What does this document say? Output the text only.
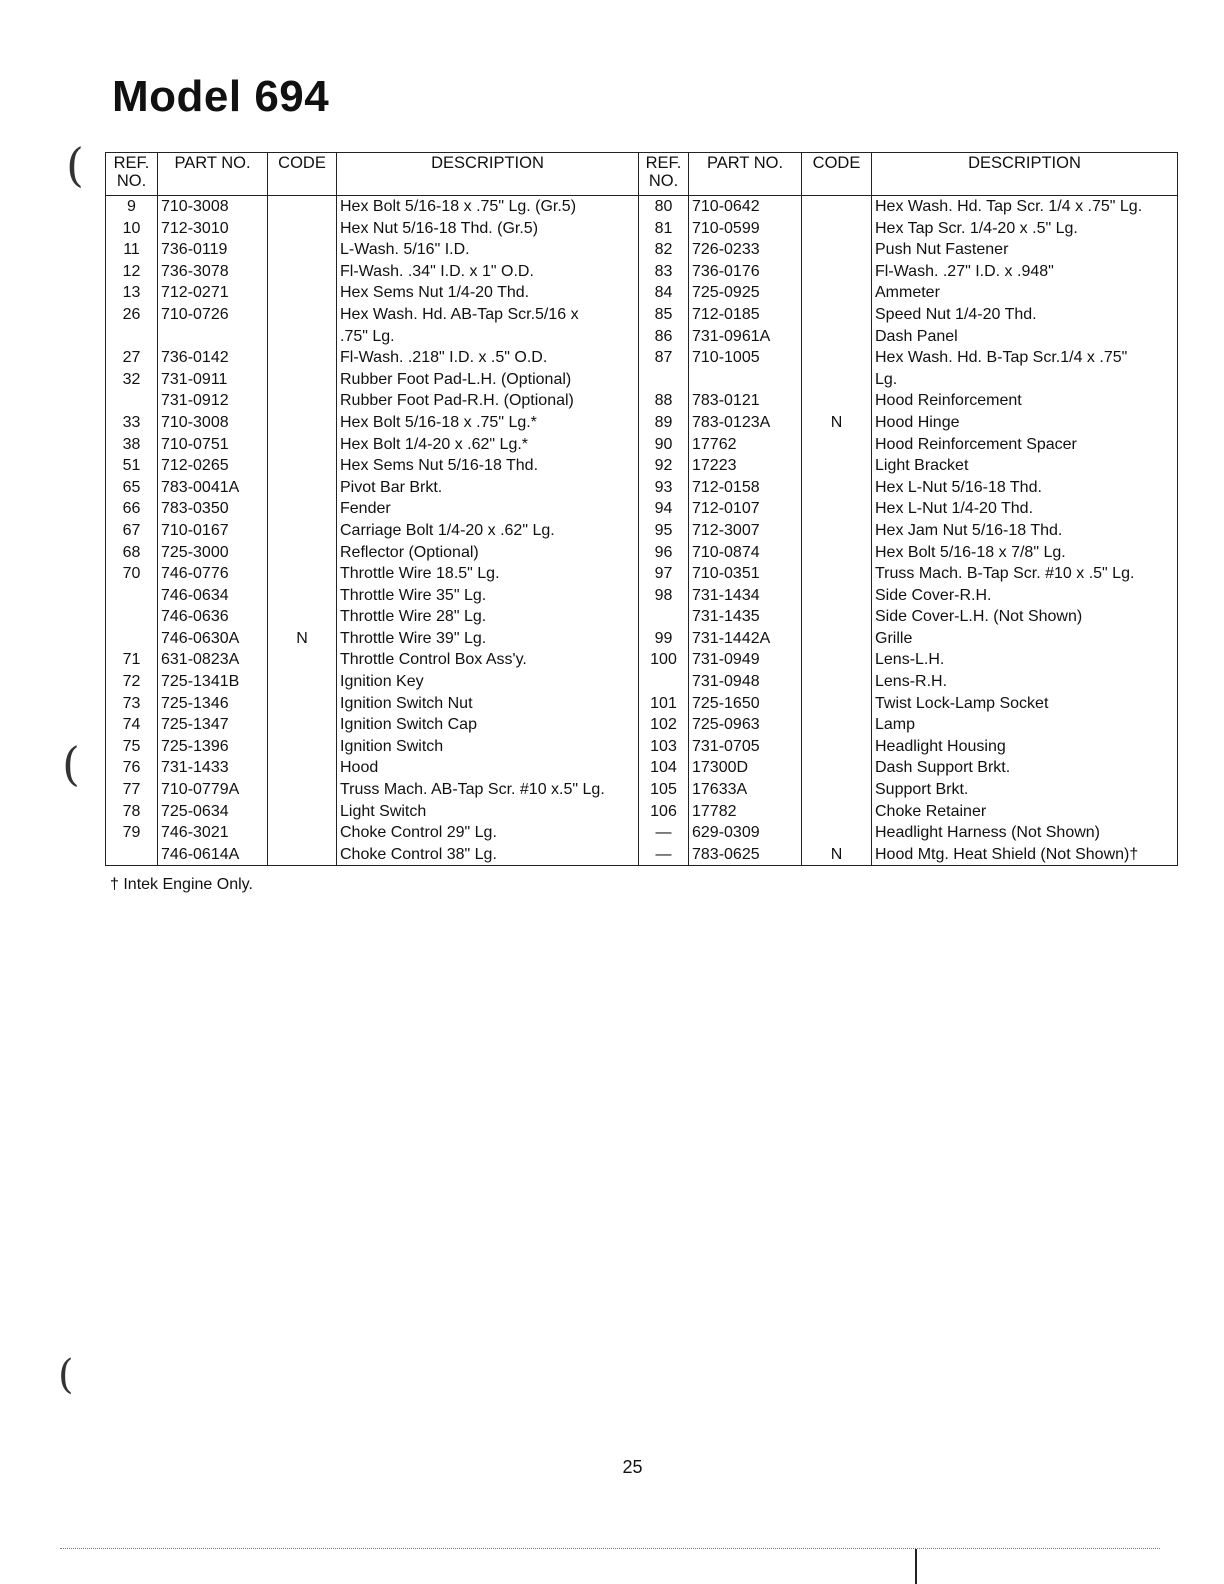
Model 694
REF. NO.	PART NO.	CODE	DESCRIPTION	REF. NO.	PART NO.	CODE	DESCRIPTION
9	710-3008		Hex Bolt 5/16-18 x .75" Lg. (Gr.5)	80	710-0642		Hex Wash. Hd. Tap Scr. 1/4 x .75" Lg.
10	712-3010		Hex Nut 5/16-18 Thd. (Gr.5)	81	710-0599		Hex Tap Scr. 1/4-20 x .5" Lg.
11	736-0119		L-Wash. 5/16" I.D.	82	726-0233		Push Nut Fastener
12	736-3078		Fl-Wash. .34" I.D. x 1" O.D.	83	736-0176		Fl-Wash. .27" I.D. x .948"
13	712-0271		Hex Sems Nut 1/4-20 Thd.	84	725-0925		Ammeter
26	710-0726		Hex Wash. Hd. AB-Tap Scr.5/16 x	85	712-0185		Speed Nut 1/4-20 Thd.
			.75" Lg.	86	731-0961A		Dash Panel
27	736-0142		Fl-Wash. .218" I.D. x .5" O.D.	87	710-1005		Hex Wash. Hd. B-Tap Scr.1/4 x .75"
32	731-0911		Rubber Foot Pad-L.H. (Optional)				Lg.
	731-0912		Rubber Foot Pad-R.H. (Optional)	88	783-0121		Hood Reinforcement
33	710-3008		Hex Bolt 5/16-18 x .75" Lg.*	89	783-0123A	N	Hood Hinge
38	710-0751		Hex Bolt 1/4-20 x .62" Lg.*	90	17762		Hood Reinforcement Spacer
51	712-0265		Hex Sems Nut 5/16-18 Thd.	92	17223		Light Bracket
65	783-0041A		Pivot Bar Brkt.	93	712-0158		Hex L-Nut 5/16-18 Thd.
66	783-0350		Fender	94	712-0107		Hex L-Nut 1/4-20 Thd.
67	710-0167		Carriage Bolt 1/4-20 x .62" Lg.	95	712-3007		Hex Jam Nut 5/16-18 Thd.
68	725-3000		Reflector (Optional)	96	710-0874		Hex Bolt 5/16-18 x 7/8" Lg.
70	746-0776		Throttle Wire 18.5" Lg.	97	710-0351		Truss Mach. B-Tap Scr. #10 x .5" Lg.
	746-0634		Throttle Wire 35" Lg.	98	731-1434		Side Cover-R.H.
	746-0636		Throttle Wire 28" Lg.		731-1435		Side Cover-L.H. (Not Shown)
	746-0630A	N	Throttle Wire 39" Lg.	99	731-1442A		Grille
71	631-0823A		Throttle Control Box Ass'y.	100	731-0949		Lens-L.H.
72	725-1341B		Ignition Key		731-0948		Lens-R.H.
73	725-1346		Ignition Switch Nut	101	725-1650		Twist Lock-Lamp Socket
74	725-1347		Ignition Switch Cap	102	725-0963		Lamp
75	725-1396		Ignition Switch	103	731-0705		Headlight Housing
76	731-1433		Hood	104	17300D		Dash Support Brkt.
77	710-0779A		Truss Mach. AB-Tap Scr. #10 x.5" Lg.	105	17633A		Support Brkt.
78	725-0634		Light Switch	106	17782		Choke Retainer
79	746-3021		Choke Control 29" Lg.	—	629-0309		Headlight Harness (Not Shown)
	746-0614A		Choke Control 38" Lg.	—	783-0625	N	Hood Mtg. Heat Shield (Not Shown)†
† Intek Engine Only.
25
(
(
(
